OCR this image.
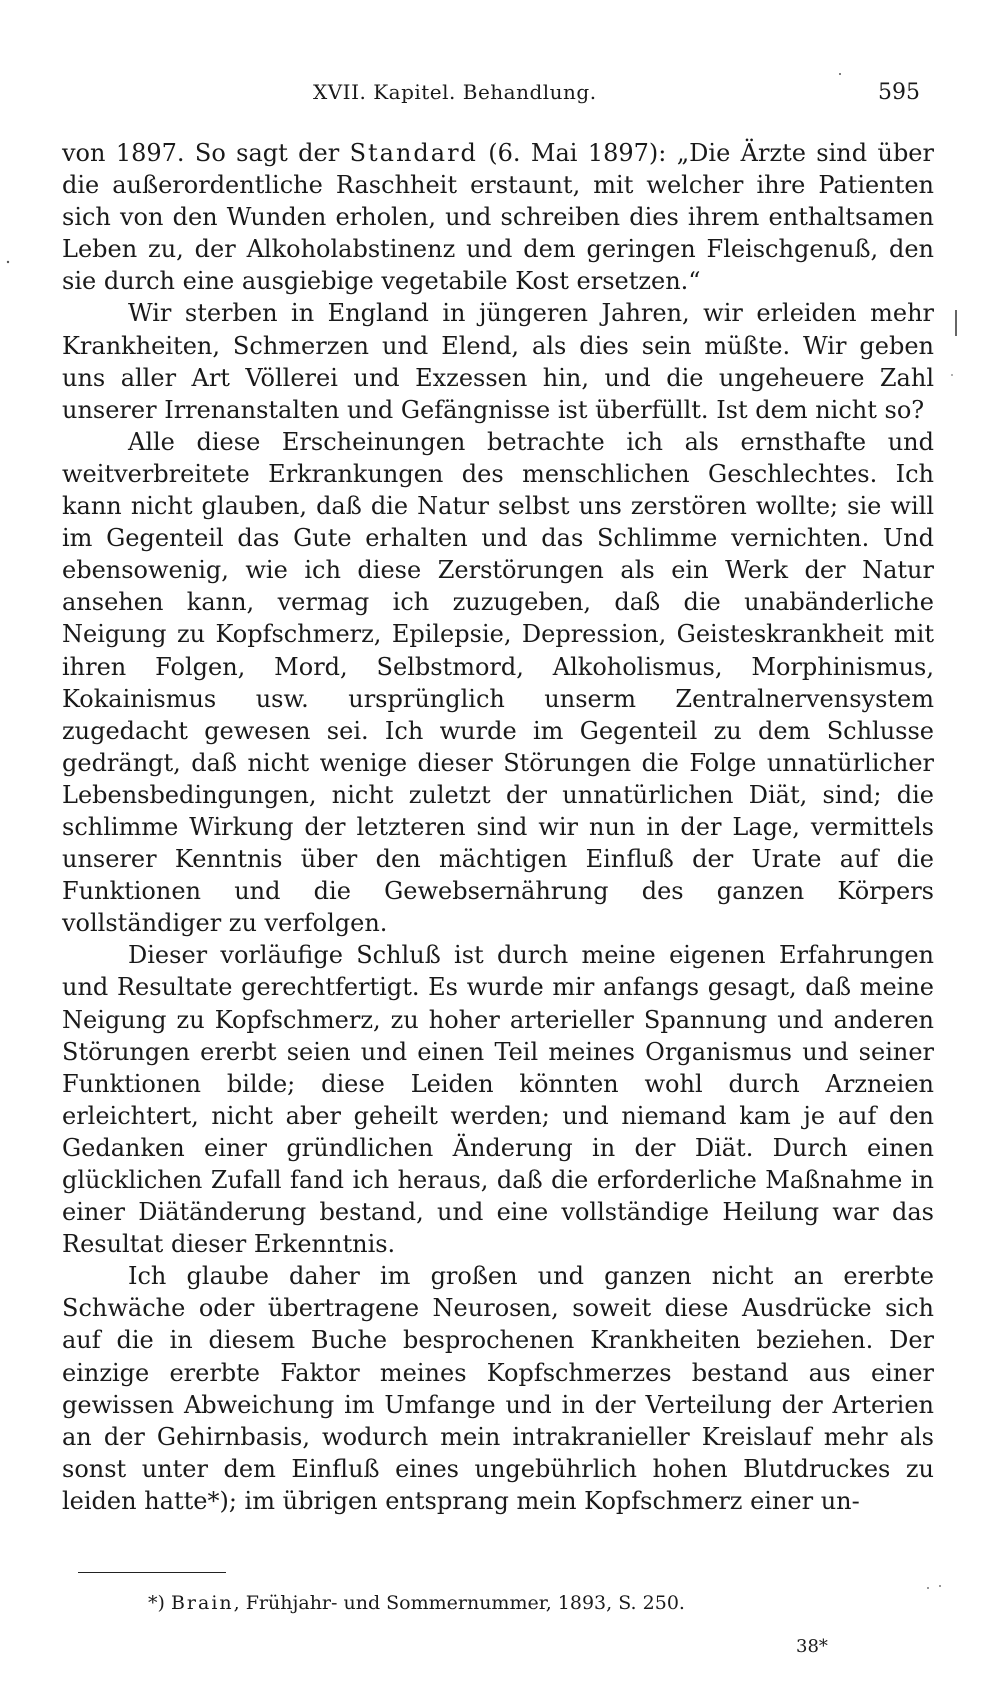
XVII. Kapitel. Behandlung.	595

von 1897. So sagt der Standard (6. Mai 1897): „Die Ärzte sind über die außerordentliche Raschheit erstaunt, mit welcher ihre Patienten sich von den Wunden erholen, und schreiben dies ihrem enthaltsamen Leben zu, der Alkoholabstinenz und dem geringen Fleischgenuß, den sie durch eine ausgiebige vegetabile Kost ersetzen.“

Wir sterben in England in jüngeren Jahren, wir erleiden mehr Krankheiten, Schmerzen und Elend, als dies sein müßte. Wir geben uns aller Art Völlerei und Exzessen hin, und die ungeheuere Zahl unserer Irrenanstalten und Gefängnisse ist überfüllt. Ist dem nicht so?

Alle diese Erscheinungen betrachte ich als ernsthafte und weitverbreitete Erkrankungen des menschlichen Geschlechtes. Ich kann nicht glauben, daß die Natur selbst uns zerstören wollte; sie will im Gegenteil das Gute erhalten und das Schlimme vernichten. Und ebensowenig, wie ich diese Zerstörungen als ein Werk der Natur ansehen kann, vermag ich zuzugeben, daß die unabänderliche Neigung zu Kopfschmerz, Epilepsie, Depression, Geisteskrankheit mit ihren Folgen, Mord, Selbstmord, Alkoholismus, Morphinismus, Kokainismus usw. ursprünglich unserm Zentralnervensystem zugedacht gewesen sei. Ich wurde im Gegenteil zu dem Schlusse gedrängt, daß nicht wenige dieser Störungen die Folge unnatürlicher Lebensbedingungen, nicht zuletzt der unnatürlichen Diät, sind; die schlimme Wirkung der letzteren sind wir nun in der Lage, vermittels unserer Kenntnis über den mächtigen Einfluß der Urate auf die Funktionen und die Gewebsernährung des ganzen Körpers vollständiger zu verfolgen.

Dieser vorläufige Schluß ist durch meine eigenen Erfahrungen und Resultate gerechtfertigt. Es wurde mir anfangs gesagt, daß meine Neigung zu Kopfschmerz, zu hoher arterieller Spannung und anderen Störungen ererbt seien und einen Teil meines Organismus und seiner Funktionen bilde; diese Leiden könnten wohl durch Arzneien erleichtert, nicht aber geheilt werden; und niemand kam je auf den Gedanken einer gründlichen Änderung in der Diät. Durch einen glücklichen Zufall fand ich heraus, daß die erforderliche Maßnahme in einer Diätänderung bestand, und eine vollständige Heilung war das Resultat dieser Erkenntnis.

Ich glaube daher im großen und ganzen nicht an ererbte Schwäche oder übertragene Neurosen, soweit diese Ausdrücke sich auf die in diesem Buche besprochenen Krankheiten beziehen. Der einzige ererbte Faktor meines Kopfschmerzes bestand aus einer gewissen Abweichung im Umfange und in der Verteilung der Arterien an der Gehirnbasis, wodurch mein intrakranieller Kreislauf mehr als sonst unter dem Einfluß eines ungebührlich hohen Blutdruckes zu leiden hatte*); im übrigen entsprang mein Kopfschmerz einer un-

*) Brain, Frühjahr- und Sommernummer, 1893, S. 250.
38*
